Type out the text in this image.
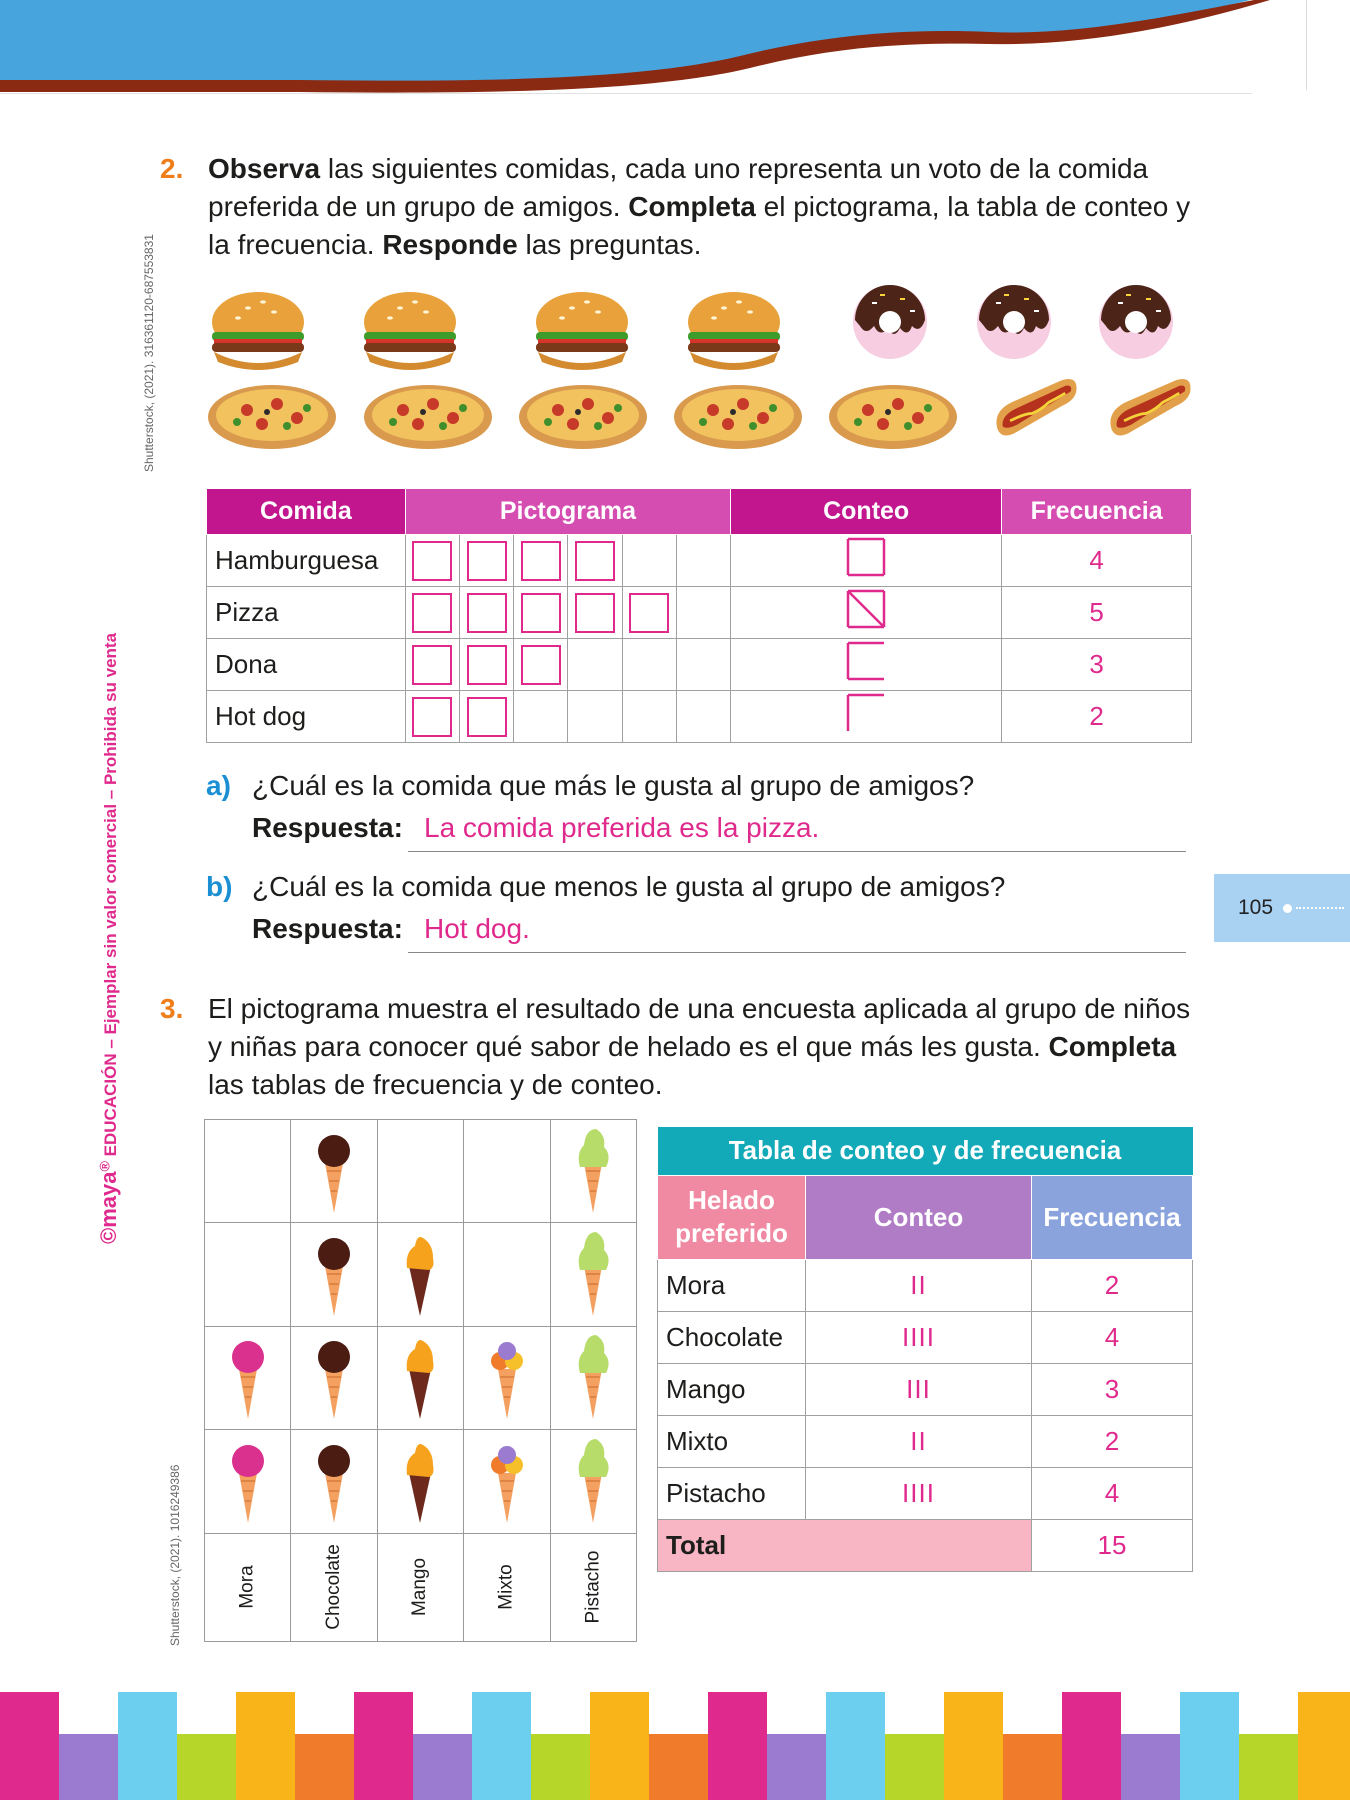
©maya® EDUCACIÓN – Ejemplar sin valor comercial – Prohibida su venta
Shutterstock, (2021). 316361120-687553831
Shutterstock, (2021). 1016249386
105
2. Observa las siguientes comidas, cada uno representa un voto de la comida preferida de un grupo de amigos. Completa el pictograma, la tabla de conteo y la frecuencia. Responde las preguntas.

Comida	Pictograma						Conteo	Frecuencia
Hamburguesa								4
Pizza								5
Dona								3
Hot dog								2
a) ¿Cuál es la comida que más le gusta al grupo de amigos?

Respuesta: La comida preferida es la pizza.
b) ¿Cuál es la comida que menos le gusta al grupo de amigos?

Respuesta: Hot dog.
3. El pictograma muestra el resultado de una encuesta aplicada al grupo de niños y niñas para conocer qué sabor de helado es el que más les gusta. Completa las tablas de frecuencia y de conteo.

Mora	Chocolate	Mango	Mixto	Pistacho
Tabla de conteo y de frecuencia		
Helado preferido	Conteo	Frecuencia
Mora	II	2
Chocolate	IIII	4
Mango	III	3
Mixto	II	2
Pistacho	IIII	4
Total		15
